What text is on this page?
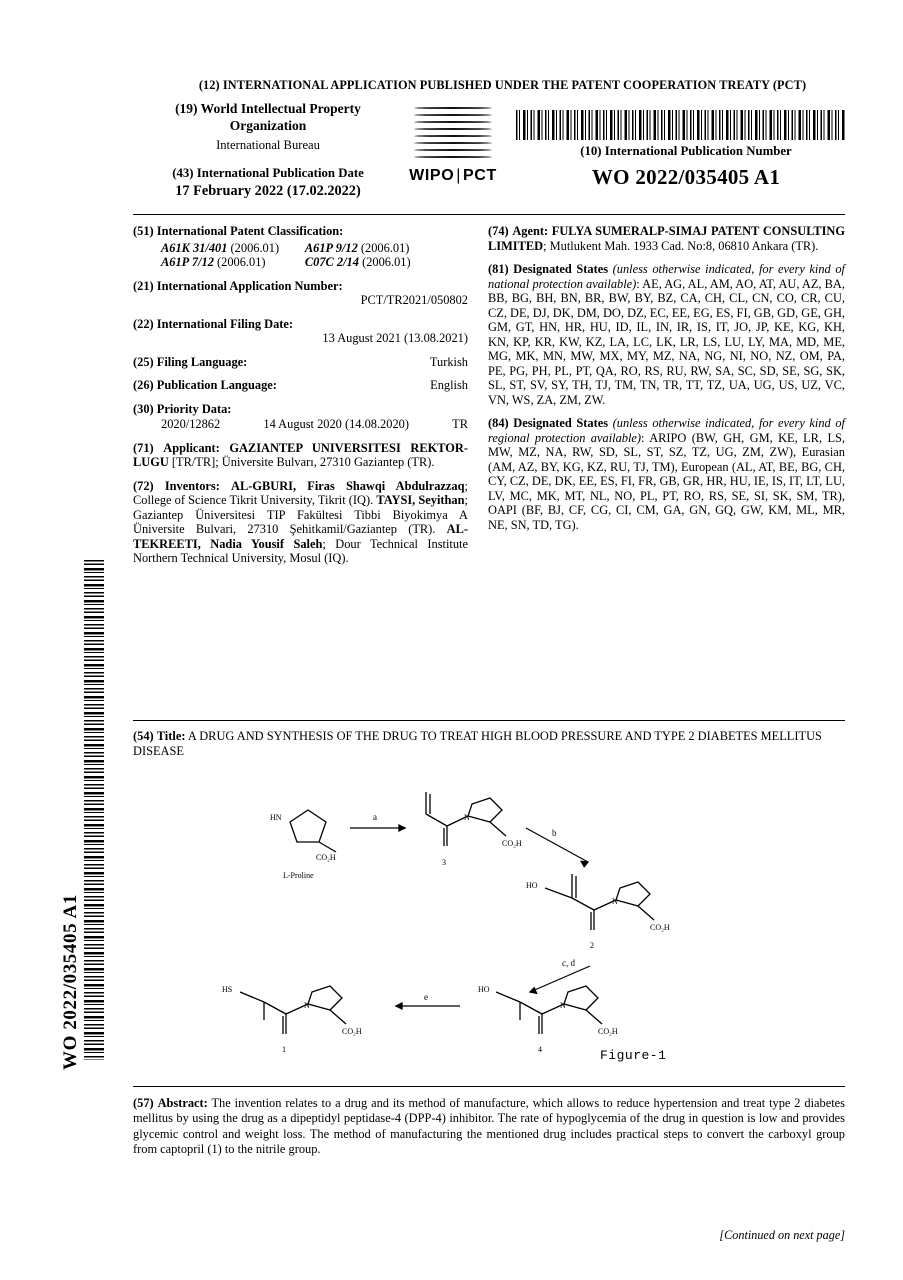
(12) INTERNATIONAL APPLICATION PUBLISHED UNDER THE PATENT COOPERATION TREATY (PCT)
(19) World Intellectual Property
Organization
International Bureau
(43) International Publication Date
17 February 2022 (17.02.2022)
WIPO | PCT
(10) International Publication Number
WO 2022/035405 A1
(51) International Patent Classification:
A61K 31/401 (2006.01)	A61P 9/12 (2006.01)
A61P 7/12 (2006.01)	C07C 2/14 (2006.01)
(21) International Application Number:
PCT/TR2021/050802
(22) International Filing Date:
13 August 2021 (13.08.2021)
(25) Filing Language:	Turkish
(26) Publication Language:	English
(30) Priority Data:
2020/12862	14 August 2020 (14.08.2020)	TR
(71) Applicant: GAZIANTEP UNIVERSITESI REKTOR-LUGU [TR/TR]; Üniversite Bulvarı, 27310 Gaziantep (TR).
(72) Inventors: AL-GBURI, Firas Shawqi Abdulrazzaq; College of Science Tikrit University, Tikrit (IQ). TAYSI, Seyithan; Gaziantep Üniversitesi TIP Fakültesi Tibbi Biyokimya A Üniversite Bulvari, 27310 Şehitkamil/Gaziantep (TR). AL-TEKREETI, Nadia Yousif Saleh; Dour Technical Institute Northern Technical University, Mosul (IQ).
(74) Agent: FULYA SUMERALP-SIMAJ PATENT CONSULTING LIMITED; Mutlukent Mah. 1933 Cad. No:8, 06810 Ankara (TR).
(81) Designated States (unless otherwise indicated, for every kind of national protection available): AE, AG, AL, AM, AO, AT, AU, AZ, BA, BB, BG, BH, BN, BR, BW, BY, BZ, CA, CH, CL, CN, CO, CR, CU, CZ, DE, DJ, DK, DM, DO, DZ, EC, EE, EG, ES, FI, GB, GD, GE, GH, GM, GT, HN, HR, HU, ID, IL, IN, IR, IS, IT, JO, JP, KE, KG, KH, KN, KP, KR, KW, KZ, LA, LC, LK, LR, LS, LU, LY, MA, MD, ME, MG, MK, MN, MW, MX, MY, MZ, NA, NG, NI, NO, NZ, OM, PA, PE, PG, PH, PL, PT, QA, RO, RS, RU, RW, SA, SC, SD, SE, SG, SK, SL, ST, SV, SY, TH, TJ, TM, TN, TR, TT, TZ, UA, UG, US, UZ, VC, VN, WS, ZA, ZM, ZW.
(84) Designated States (unless otherwise indicated, for every kind of regional protection available): ARIPO (BW, GH, GM, KE, LR, LS, MW, MZ, NA, RW, SD, SL, ST, SZ, TZ, UG, ZM, ZW), Eurasian (AM, AZ, BY, KG, KZ, RU, TJ, TM), European (AL, AT, BE, BG, CH, CY, CZ, DE, DK, EE, ES, FI, FR, GB, GR, HR, HU, IE, IS, IT, LT, LU, LV, MC, MK, MT, NL, NO, PL, PT, RO, RS, SE, SI, SK, SM, TR), OAPI (BF, BJ, CF, CG, CI, CM, GA, GN, GQ, GW, KM, ML, MR, NE, SN, TD, TG).
(54) Title: A DRUG AND SYNTHESIS OF THE DRUG TO TREAT HIGH BLOOD PRESSURE AND TYPE 2 DIABETES MELLITUS DISEASE
HN
CO₂H
L-Proline
a	N
CO₂H
3
b
HO
N
CO₂H
2
c, d
HO
N
CO₂H
4
e
HS
N
CO₂H
1	Figure-1
(57) Abstract: The invention relates to a drug and its method of manufacture, which allows to reduce hypertension and treat type 2 diabetes mellitus by using the drug as a dipeptidyl peptidase-4 (DPP-4) inhibitor. The rate of hypoglycemia of the drug in question is low and provides glycemic control and weight loss. The method of manufacturing the mentioned drug includes practical steps to convert the carboxyl group from captopril (1) to the nitrile group.
[Continued on next page]
WO 2022/035405 A1
